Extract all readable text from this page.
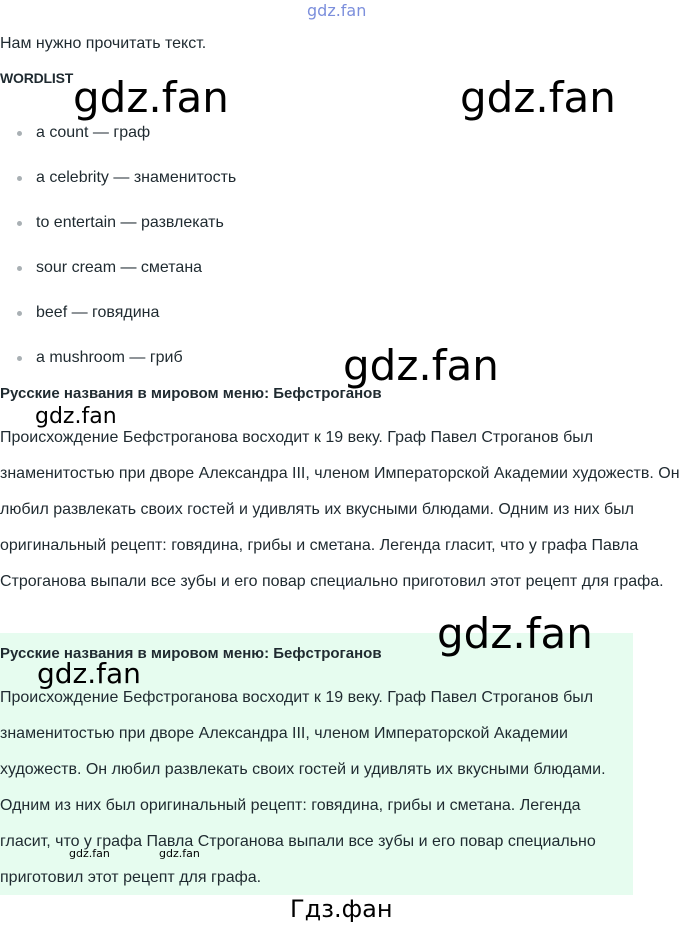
Нам нужно прочитать текст.
WORDLIST
a count — граф
a celebrity — знаменитость
to entertain — развлекать
sour cream — сметана
beef — говядина
a mushroom — гриб
Русские названия в мировом меню: Бефстроганов

Происхождение Бефстроганова восходит к 19 веку. Граф Павел Строганов был знаменитостью при дворе Александра III, членом Императорской Академии художеств. Он любил развлекать своих гостей и удивлять их вкусными блюдами. Одним из них был оригинальный рецепт: говядина, грибы и сметана. Легенда гласит, что у графа Павла Строганова выпали все зубы и его повар специально приготовил этот рецепт для графа.

Русские названия в мировом меню: Бефстроганов

Происхождение Бефстроганова восходит к 19 веку. Граф Павел Строганов был знаменитостью при дворе Александра III, членом Императорской Академии художеств. Он любил развлекать своих гостей и удивлять их вкусными блюдами. Одним из них был оригинальный рецепт: говядина, грибы и сметана. Легенда гласит, что у графа Павла Строганова выпали все зубы и его повар специально приготовил этот рецепт для графа.

gdz.fan
gdz.fan	gdz.fan
gdz.fan
gdz.fan
gdz.fan
gdz.fan
gdz.fan	gdz.fan
Гдз.фан
